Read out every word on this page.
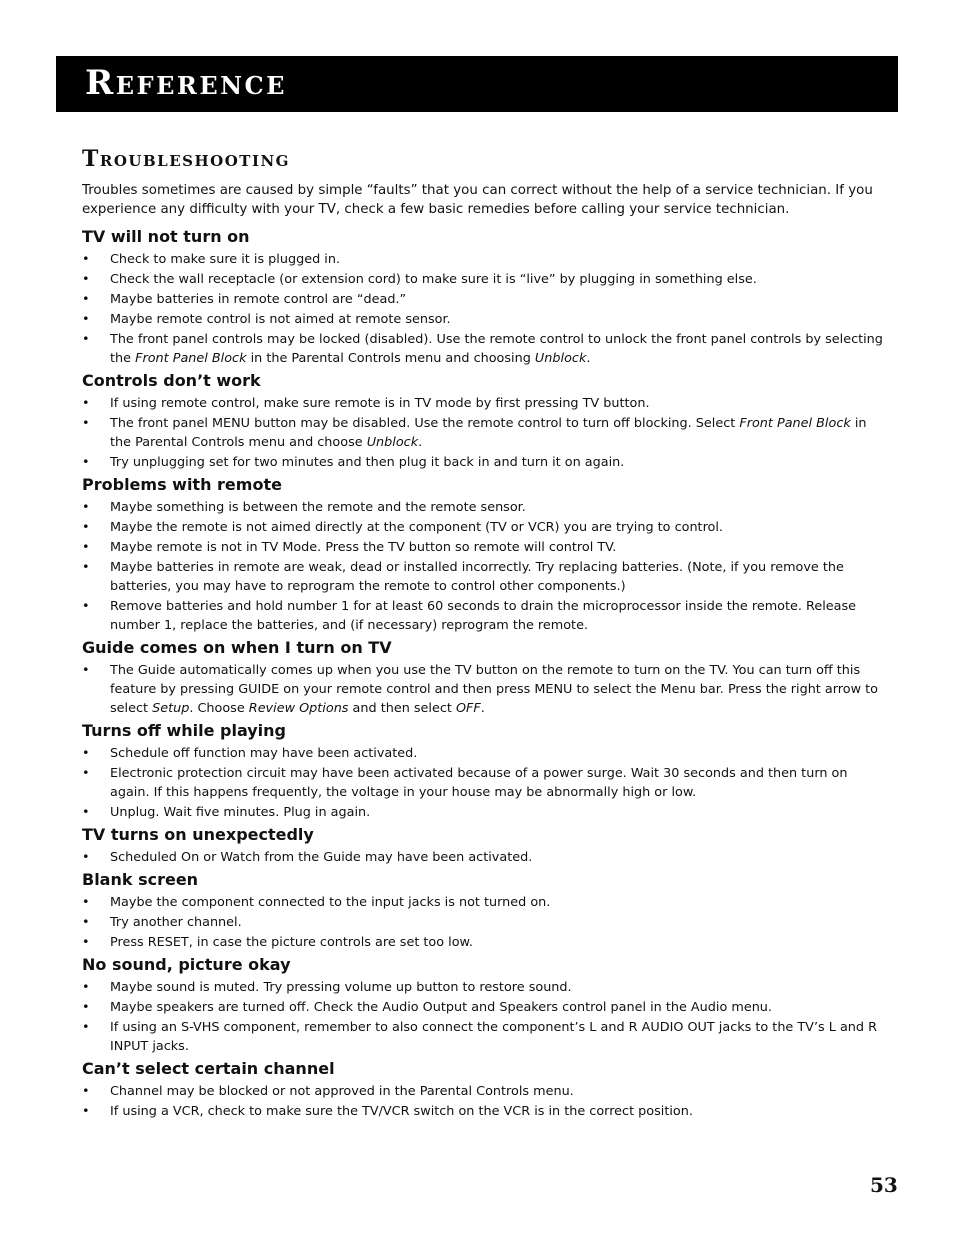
Reference
Troubleshooting

Troubles sometimes are caused by simple “faults” that you can correct without the help of a service technician. If you experience any difficulty with your TV, check a few basic remedies before calling your service technician.

TV will not turn on
• Check to make sure it is plugged in.
• Check the wall receptacle (or extension cord) to make sure it is “live” by plugging in something else.
• Maybe batteries in remote control are “dead.”
• Maybe remote control is not aimed at remote sensor.
• The front panel controls may be locked (disabled). Use the remote control to unlock the front panel controls by selecting the Front Panel Block in the Parental Controls menu and choosing Unblock.
Controls don’t work
• If using remote control, make sure remote is in TV mode by first pressing TV button.
• The front panel MENU button may be disabled. Use the remote control to turn off blocking. Select Front Panel Block in the Parental Controls menu and choose Unblock.
• Try unplugging set for two minutes and then plug it back in and turn it on again.
Problems with remote
• Maybe something is between the remote and the remote sensor.
• Maybe the remote is not aimed directly at the component (TV or VCR) you are trying to control.
• Maybe remote is not in TV Mode. Press the TV button so remote will control TV.
• Maybe batteries in remote are weak, dead or installed incorrectly. Try replacing batteries. (Note, if you remove the batteries, you may have to reprogram the remote to control other components.)
• Remove batteries and hold number 1 for at least 60 seconds to drain the microprocessor inside the remote. Release number 1, replace the batteries, and (if necessary) reprogram the remote.
Guide comes on when I turn on TV
• The Guide automatically comes up when you use the TV button on the remote to turn on the TV. You can turn off this feature by pressing GUIDE on your remote control and then press MENU to select the Menu bar. Press the right arrow to select Setup. Choose Review Options and then select OFF.
Turns off while playing
• Schedule off function may have been activated.
• Electronic protection circuit may have been activated because of a power surge. Wait 30 seconds and then turn on again. If this happens frequently, the voltage in your house may be abnormally high or low.
• Unplug. Wait five minutes. Plug in again.
TV turns on unexpectedly
• Scheduled On or Watch from the Guide may have been activated.
Blank screen
• Maybe the component connected to the input jacks is not turned on.
• Try another channel.
• Press RESET, in case the picture controls are set too low.
No sound, picture okay
• Maybe sound is muted. Try pressing volume up button to restore sound.
• Maybe speakers are turned off. Check the Audio Output and Speakers control panel in the Audio menu.
• If using an S-VHS component, remember to also connect the component’s L and R AUDIO OUT jacks to the TV’s L and R INPUT jacks.
Can’t select certain channel
• Channel may be blocked or not approved in the Parental Controls menu.
• If using a VCR, check to make sure the TV/VCR switch on the VCR is in the correct position.
53
